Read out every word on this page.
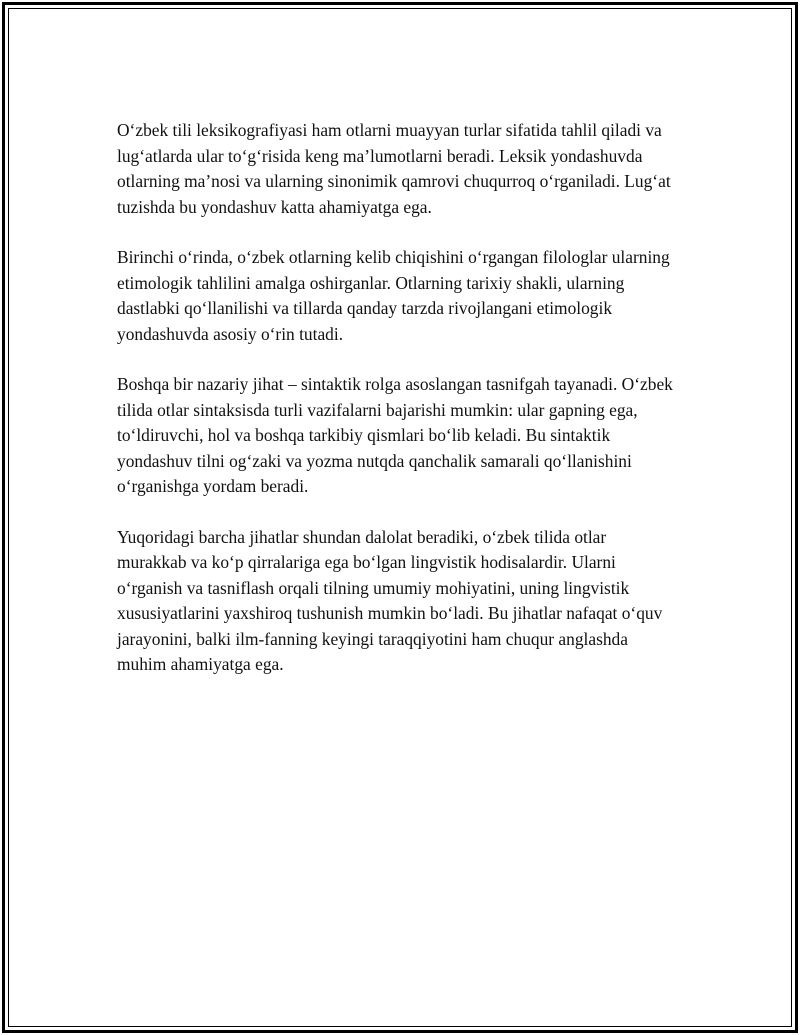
O‘zbek tili leksikografiyasi ham otlarni muayyan turlar sifatida tahlil qiladi va lug‘atlarda ular to‘g‘risida keng ma’lumotlarni beradi. Leksik yondashuvda otlarning ma’nosi va ularning sinonimik qamrovi chuqurroq o‘rganiladi. Lug‘at tuzishda bu yondashuv katta ahamiyatga ega.

Birinchi o‘rinda, o‘zbek otlarning kelib chiqishini o‘rgangan filologlar ularning etimologik tahlilini amalga oshirganlar. Otlarning tarixiy shakli, ularning dastlabki qo‘llanilishi va tillarda qanday tarzda rivojlangani etimologik yondashuvda asosiy o‘rin tutadi.

Boshqa bir nazariy jihat – sintaktik rolga asoslangan tasnifgah tayanadi. O‘zbek tilida otlar sintaksisda turli vazifalarni bajarishi mumkin: ular gapning ega, to‘ldiruvchi, hol va boshqa tarkibiy qismlari bo‘lib keladi. Bu sintaktik yondashuv tilni og‘zaki va yozma nutqda qanchalik samarali qo‘llanishini o‘rganishga yordam beradi.

Yuqoridagi barcha jihatlar shundan dalolat beradiki, o‘zbek tilida otlar murakkab va ko‘p qirralariga ega bo‘lgan lingvistik hodisalardir. Ularni o‘rganish va tasniflash orqali tilning umumiy mohiyatini, uning lingvistik xususiyatlarini yaxshiroq tushunish mumkin bo‘ladi. Bu jihatlar nafaqat o‘quv jarayonini, balki ilm-fanning keyingi taraqqiyotini ham chuqur anglashda muhim ahamiyatga ega.
